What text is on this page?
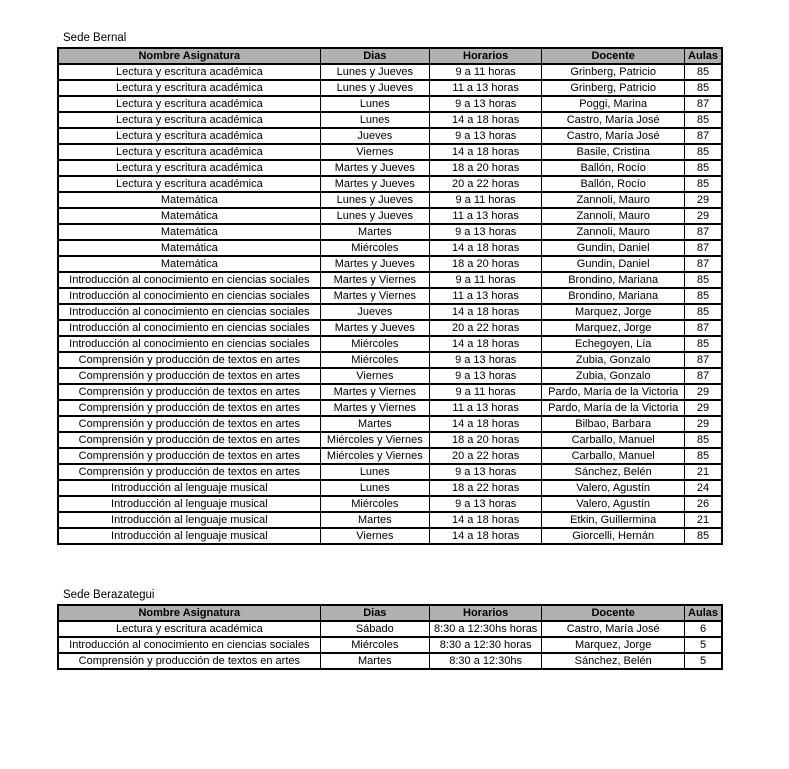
Sede Bernal
Nombre Asignatura	Dias	Horarios	Docente	Aulas
Lectura y escritura académica	Lunes y Jueves	9 a 11 horas	Grinberg, Patricio	85
Lectura y escritura académica	Lunes y Jueves	11 a 13 horas	Grinberg, Patricio	85
Lectura y escritura académica	Lunes	9 a 13 horas	Poggi, Marina	87
Lectura y escritura académica	Lunes	14 a 18 horas	Castro, María José	85
Lectura y escritura académica	Jueves	9 a 13 horas	Castro, María José	87
Lectura y escritura académica	Viernes	14 a 18 horas	Basile, Cristina	85
Lectura y escritura académica	Martes y Jueves	18 a 20 horas	Ballón, Rocío	85
Lectura y escritura académica	Martes y Jueves	20 a 22 horas	Ballón, Rocío	85
Matemática	Lunes y Jueves	9 a 11 horas	Zannoli, Mauro	29
Matemática	Lunes y Jueves	11 a 13 horas	Zannoli, Mauro	29
Matemática	Martes	9 a 13 horas	Zannoli, Mauro	87
Matemática	Miércoles	14 a 18 horas	Gundin, Daniel	87
Matemática	Martes y Jueves	18 a 20 horas	Gundin, Daniel	87
Introducción al conocimiento en ciencias sociales	Martes y Viernes	9 a 11 horas	Brondino, Mariana	85
Introducción al conocimiento en ciencias sociales	Martes y Viernes	11 a 13 horas	Brondino, Mariana	85
Introducción al conocimiento en ciencias sociales	Jueves	14 a 18 horas	Marquez, Jorge	85
Introducción al conocimiento en ciencias sociales	Martes y Jueves	20 a 22 horas	Marquez, Jorge	87
Introducción al conocimiento en ciencias sociales	Miércoles	14 a 18 horas	Echegoyen, Lía	85
Comprensión y producción de textos en artes	Miércoles	9 a 13 horas	Zubia, Gonzalo	87
Comprensión y producción de textos en artes	Viernes	9 a 13 horas	Zubia, Gonzalo	87
Comprensión y producción de textos en artes	Martes y Viernes	9 a 11 horas	Pardo, María de la Victoria	29
Comprensión y producción de textos en artes	Martes y Viernes	11 a 13 horas	Pardo, María de la Victoria	29
Comprensión y producción de textos en artes	Martes	14 a 18 horas	Bilbao, Barbara	29
Comprensión y producción de textos en artes	Miércoles y Viernes	18 a 20 horas	Carballo, Manuel	85
Comprensión y producción de textos en artes	Miércoles y Viernes	20 a 22 horas	Carballo, Manuel	85
Comprensión y producción de textos en artes	Lunes	9 a 13 horas	Sánchez, Belén	21
Introducción al lenguaje musical	Lunes	18 a 22 horas	Valero, Agustín	24
Introducción al lenguaje musical	Miércoles	9 a 13 horas	Valero, Agustín	26
Introducción al lenguaje musical	Martes	14 a 18 horas	Etkin, Guillermina	21
Introducción al lenguaje musical	Viernes	14 a 18 horas	Giorcelli, Hernán	85
Sede Berazategui
Nombre Asignatura	Dias	Horarios	Docente	Aulas
Lectura y escritura académica	Sábado	8:30 a 12:30hs horas	Castro, María José	6
Introducción al conocimiento en ciencias sociales	Miércoles	8:30 a 12:30 horas	Marquez, Jorge	5
Comprensión y producción de textos en artes	Martes	8:30 a 12:30hs	Sánchez, Belén	5
